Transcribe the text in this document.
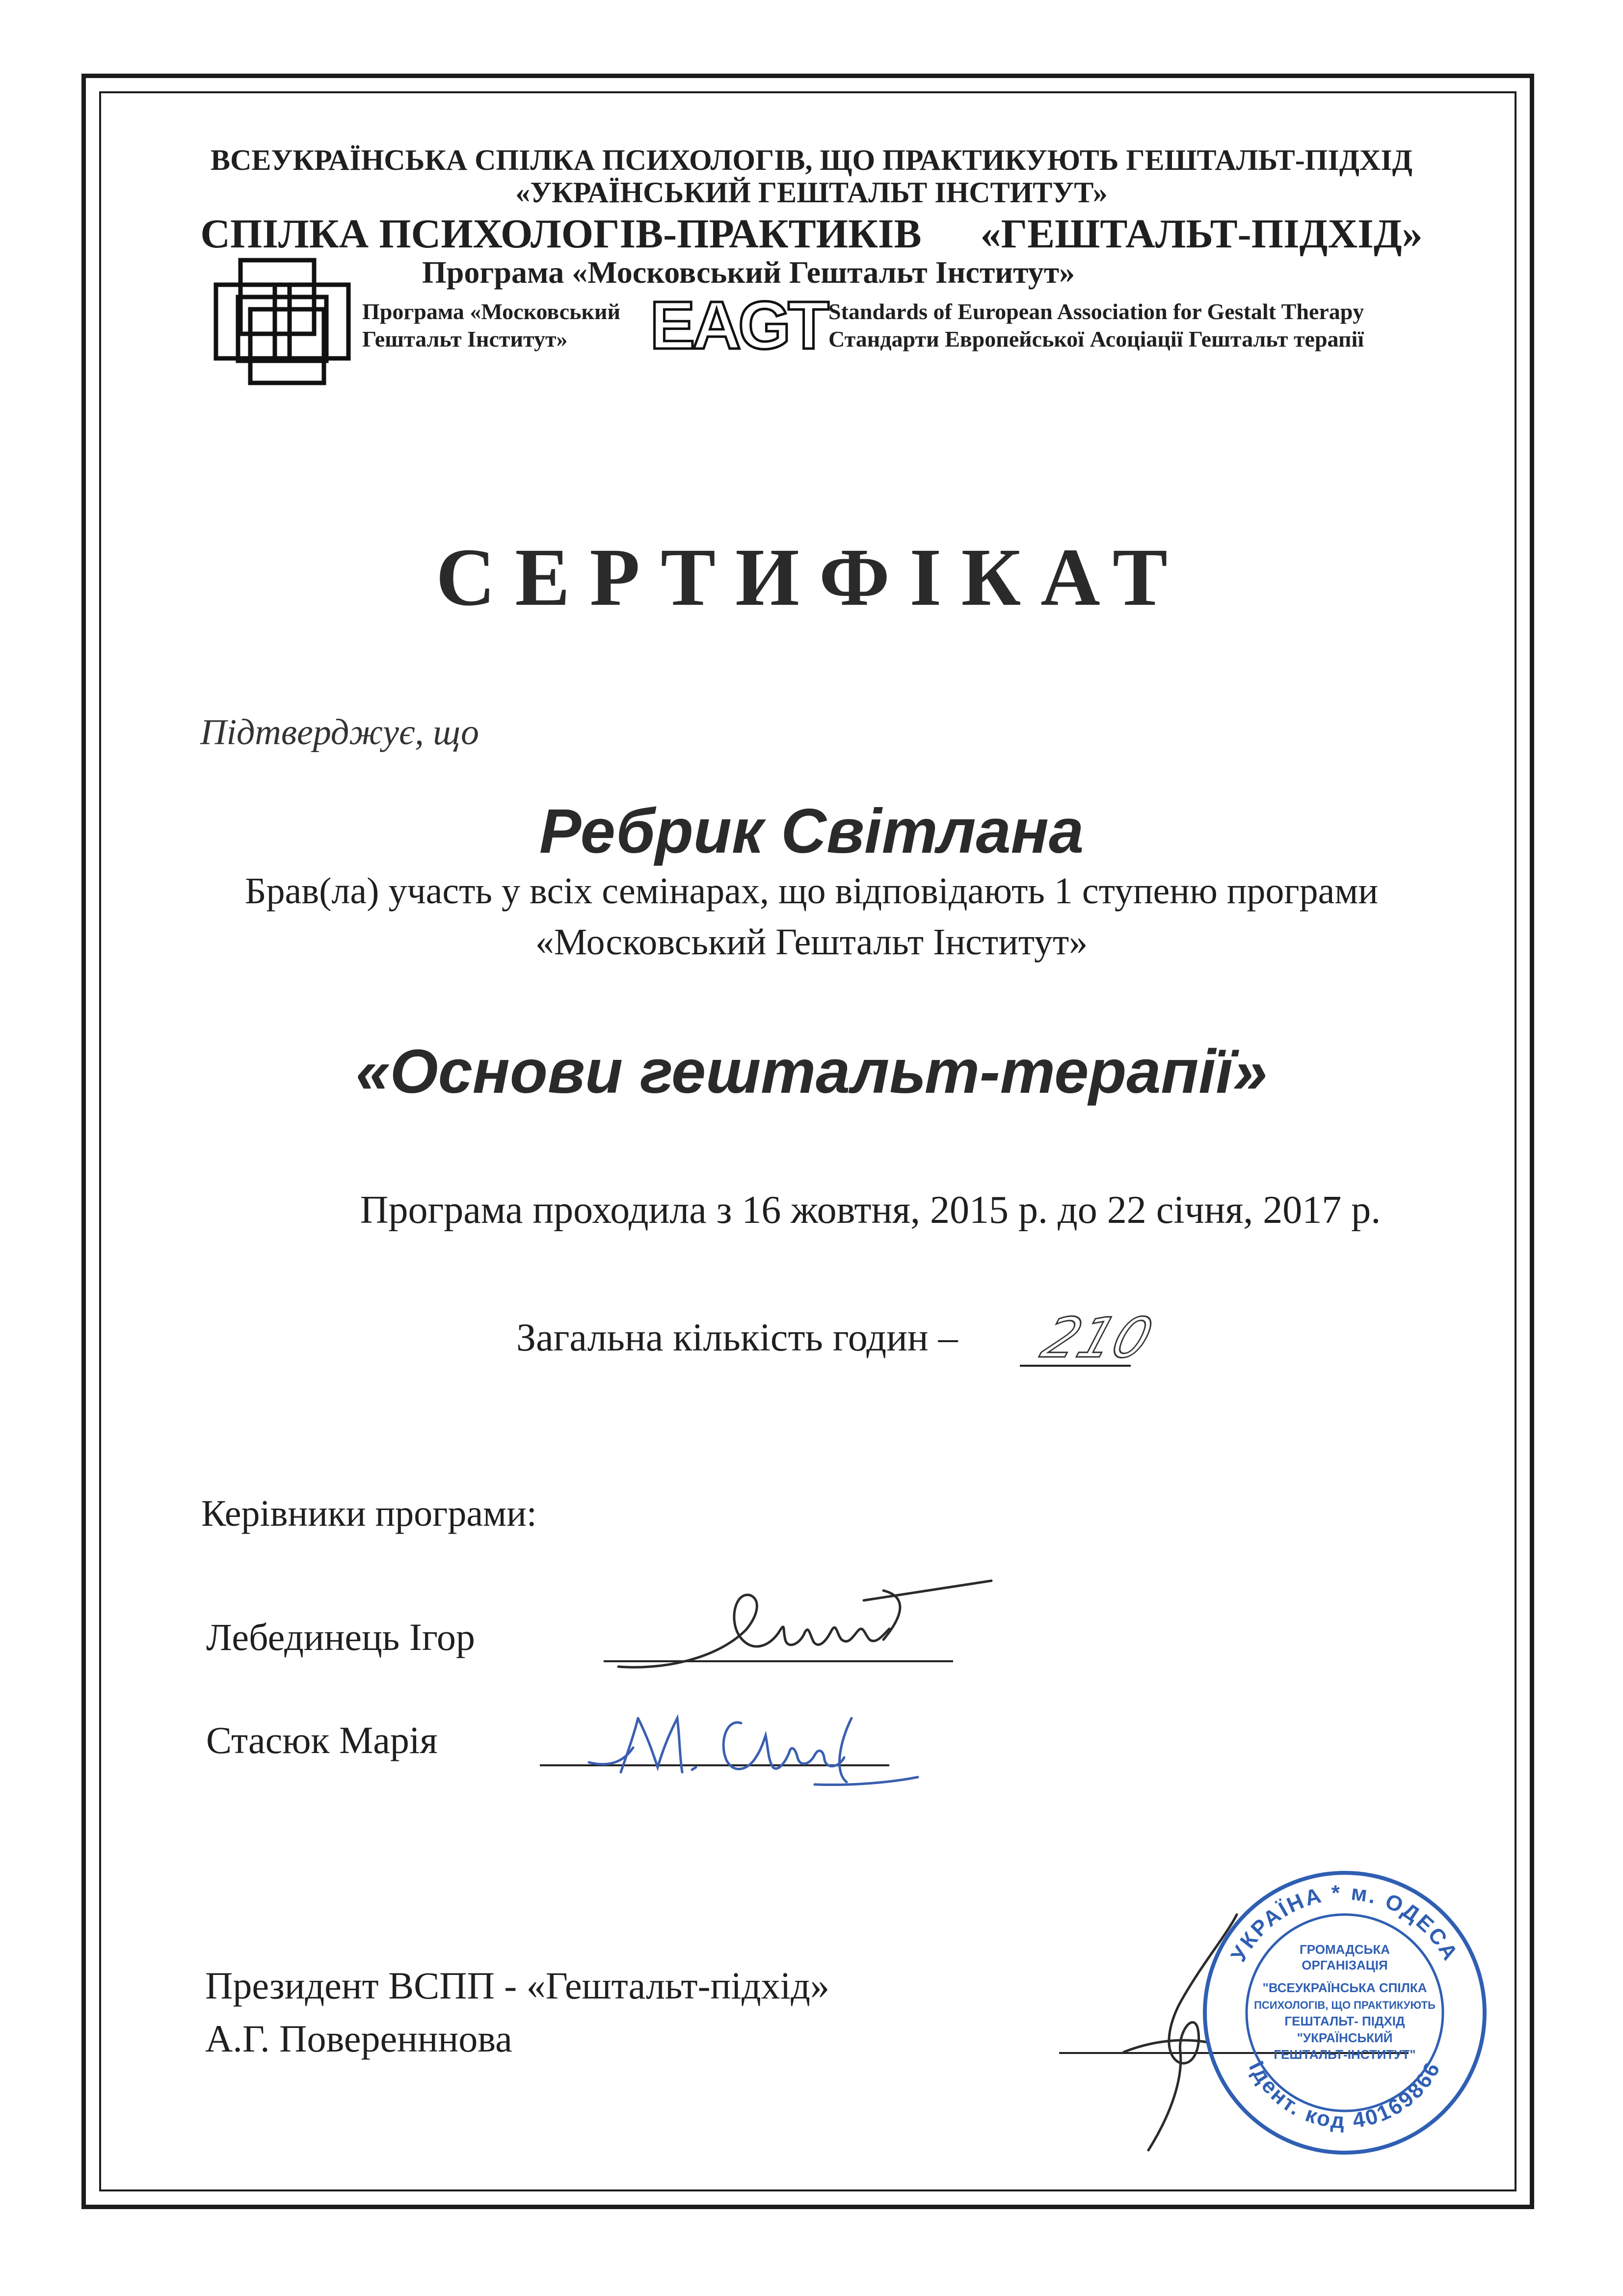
ВСЕУКРАЇНСЬКА СПІЛКА ПСИХОЛОГІВ, ЩО ПРАКТИКУЮТЬ ГЕШТАЛЬТ-ПІДХІД
«УКРАЇНСЬКИЙ ГЕШТАЛЬТ ІНСТИТУТ»
СПІЛКА ПСИХОЛОГІВ-ПРАКТИКІВ «ГЕШТАЛЬТ-ПІДХІД»
Програма «Московський Гештальт Інститут»
Програма «Московський
Гештальт Інститут» EAGT Standards of European Association for Gestalt Therapy
Стандарти Европейської Асоціації Гештальт терапії
СЕРТИФІКАТ
Підтверджує, що
Ребрик Світлана
Брав(ла) участь у всіх семінарах, що відповідають 1 ступеню програми
«Московський Гештальт Інститут»
«Основи гештальт-терапії»
Програма проходила з 16 жовтня, 2015 р. до 22 січня, 2017 р.
Загальна кількість годин – 210
Керівники програми:
Лебединець Ігор
Стасюк Марія
Президент ВСПП - «Гештальт-підхід»
А.Г. Поверенннова
УКРАЇНА * м. ОДЕСА
Ідент. код 40169866
ГРОМАДСЬКА
ОРГАНІЗАЦІЯ
"ВСЕУКРАЇНСЬКА СПІЛКА
ПСИХОЛОГІВ, ЩО ПРАКТИКУЮТЬ
ГЕШТАЛЬТ- ПІДХІД
"УКРАЇНСЬКИЙ
ГЕШТАЛЬТ-ІНСТИТУТ"
